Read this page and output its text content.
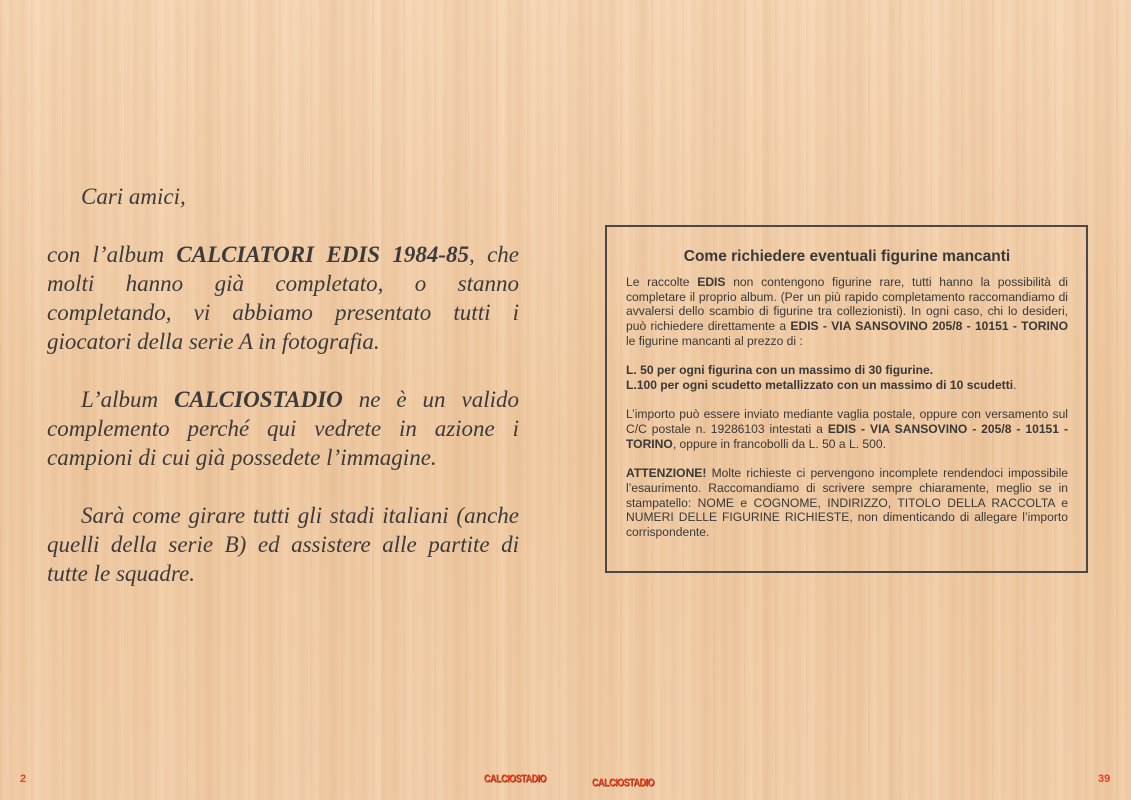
Cari amici,

con l’album CALCIATORI EDIS 1984-85, che molti hanno già completato, o stanno completando, vi abbiamo presentato tutti i giocatori della serie A in fotografia.

L’album CALCIOSTADIO ne è un valido complemento perché qui vedrete in azione i campioni di cui già possedete l’immagine.

Sarà come girare tutti gli stadi italiani (anche quelli della serie B) ed assistere alle partite di tutte le squadre.

2	CALCIOSTADIO
Come richiedere eventuali figurine mancanti

Le raccolte EDIS non contengono figurine rare, tutti hanno la possibilità di completare il proprio album. (Per un più rapido completamento raccomandiamo di avvalersi dello scambio di figurine tra collezionisti). In ogni caso, chi lo desideri, può richiedere direttamente a EDIS - VIA SANSOVINO 205/8 - 10151 - TORINO le figurine mancanti al prezzo di :

L. 50 per ogni figurina con un massimo di 30 figurine.
L.100 per ogni scudetto metallizzato con un massimo di 10 scudetti.

L’importo può essere inviato mediante vaglia postale, oppure con versamento sul C/C postale n. 19286103 intestati a EDIS - VIA SANSOVINO - 205/8 - 10151 - TORINO, oppure in francobolli da L. 50 a L. 500.

ATTENZIONE! Molte richieste ci pervengono incomplete rendendoci impossibile l’esaurimento. Raccomandiamo di scrivere sempre chiaramente, meglio se in stampatello: NOME e COGNOME, INDIRIZZO, TITOLO DELLA RACCOLTA e NUMERI DELLE FIGURINE RICHIESTE, non dimenticando di allegare l’importo corrispondente.

CALCIOSTADIO	39
